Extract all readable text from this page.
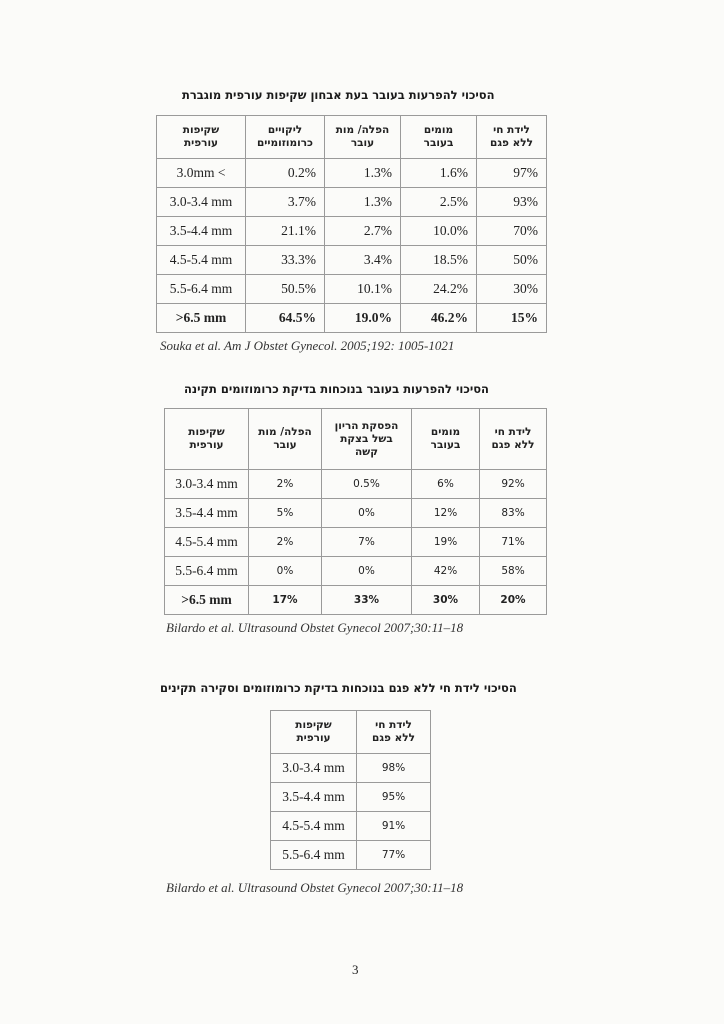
הסיכוי להפרעות בעובר בעת אבחון שקיפות עורפית מוגברת
שקיפות עורפית	ליקויים כרומוזומיים	הפלה/ מות עובר	מומים בעובר	לידת חי ללא פגם
3.0mm <	0.2%	1.3%	1.6%	97%
3.0-3.4 mm	3.7%	1.3%	2.5%	93%
3.5-4.4 mm	21.1%	2.7%	10.0%	70%
4.5-5.4 mm	33.3%	3.4%	18.5%	50%
5.5-6.4 mm	50.5%	10.1%	24.2%	30%
>6.5 mm	64.5%	19.0%	46.2%	15%
Souka et al. Am J Obstet Gynecol. 2005;192: 1005-1021
הסיכוי להפרעות בעובר בנוכחות בדיקת כרומוזומים תקינה
שקיפות עורפית	הפלה/ מות עובר	הפסקת הריון בשל בצקת קשה	מומים בעובר	לידת חי ללא פגם
3.0-3.4 mm	2%	0.5%	6%	92%
3.5-4.4 mm	5%	0%	12%	83%
4.5-5.4 mm	2%	7%	19%	71%
5.5-6.4 mm	0%	0%	42%	58%
>6.5 mm	17%	33%	30%	20%
Bilardo et al. Ultrasound Obstet Gynecol 2007;30:11–18
הסיכוי לידת חי ללא פגם בנוכחות בדיקת כרומוזומים וסקירה תקינים
שקיפות עורפית	לידת חי ללא פגם
3.0-3.4 mm	98%
3.5-4.4 mm	95%
4.5-5.4 mm	91%
5.5-6.4 mm	77%
Bilardo et al. Ultrasound Obstet Gynecol 2007;30:11–18
3
